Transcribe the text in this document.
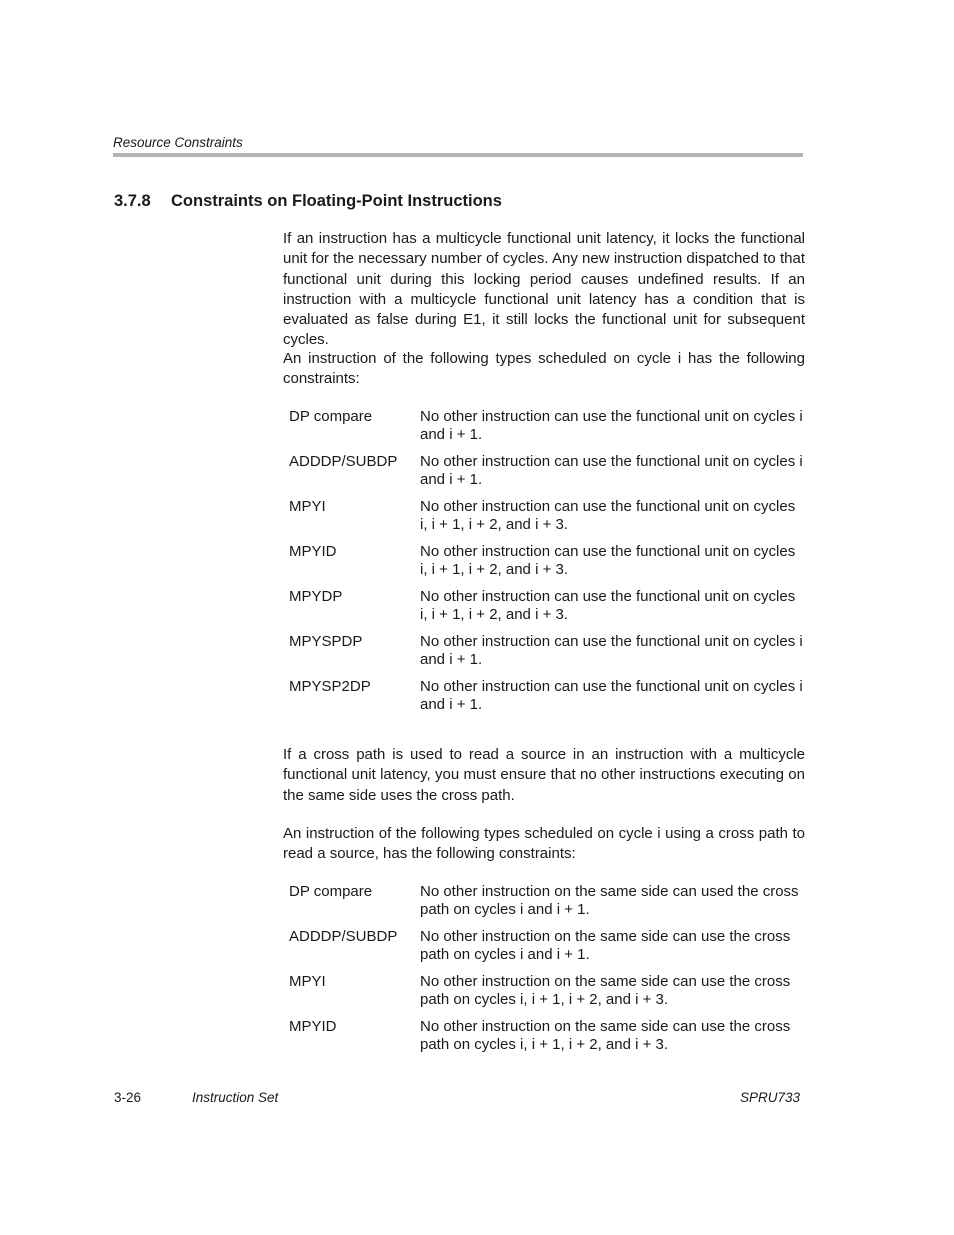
Resource Constraints
3.7.8 Constraints on Floating-Point Instructions

If an instruction has a multicycle functional unit latency, it locks the functional unit for the necessary number of cycles. Any new instruction dispatched to that functional unit during this locking period causes undefined results. If an instruction with a multicycle functional unit latency has a condition that is evaluated as false during E1, it still locks the functional unit for subsequent cycles.

An instruction of the following types scheduled on cycle i has the following constraints:

DP compare	No other instruction can use the functional unit on cycles i and i + 1.
ADDDP/SUBDP No other instruction can use the functional unit on cycles i and i + 1.
MPYI	No other instruction can use the functional unit on cycles i, i + 1, i + 2, and i + 3.
MPYID	No other instruction can use the functional unit on cycles i, i + 1, i + 2, and i + 3.
MPYDP	No other instruction can use the functional unit on cycles i, i + 1, i + 2, and i + 3.
MPYSPDP	No other instruction can use the functional unit on cycles i and i + 1.
MPYSP2DP	No other instruction can use the functional unit on cycles i and i + 1.

If a cross path is used to read a source in an instruction with a multicycle functional unit latency, you must ensure that no other instructions executing on the same side uses the cross path.

An instruction of the following types scheduled on cycle i using a cross path to read a source, has the following constraints:

DP compare	No other instruction on the same side can used the cross path on cycles i and i + 1.
ADDDP/SUBDP No other instruction on the same side can use the cross path on cycles i and i + 1.
MPYI	No other instruction on the same side can use the cross path on cycles i, i + 1, i + 2, and i + 3.
MPYID	No other instruction on the same side can use the cross path on cycles i, i + 1, i + 2, and i + 3.
3-26	Instruction Set	SPRU733
